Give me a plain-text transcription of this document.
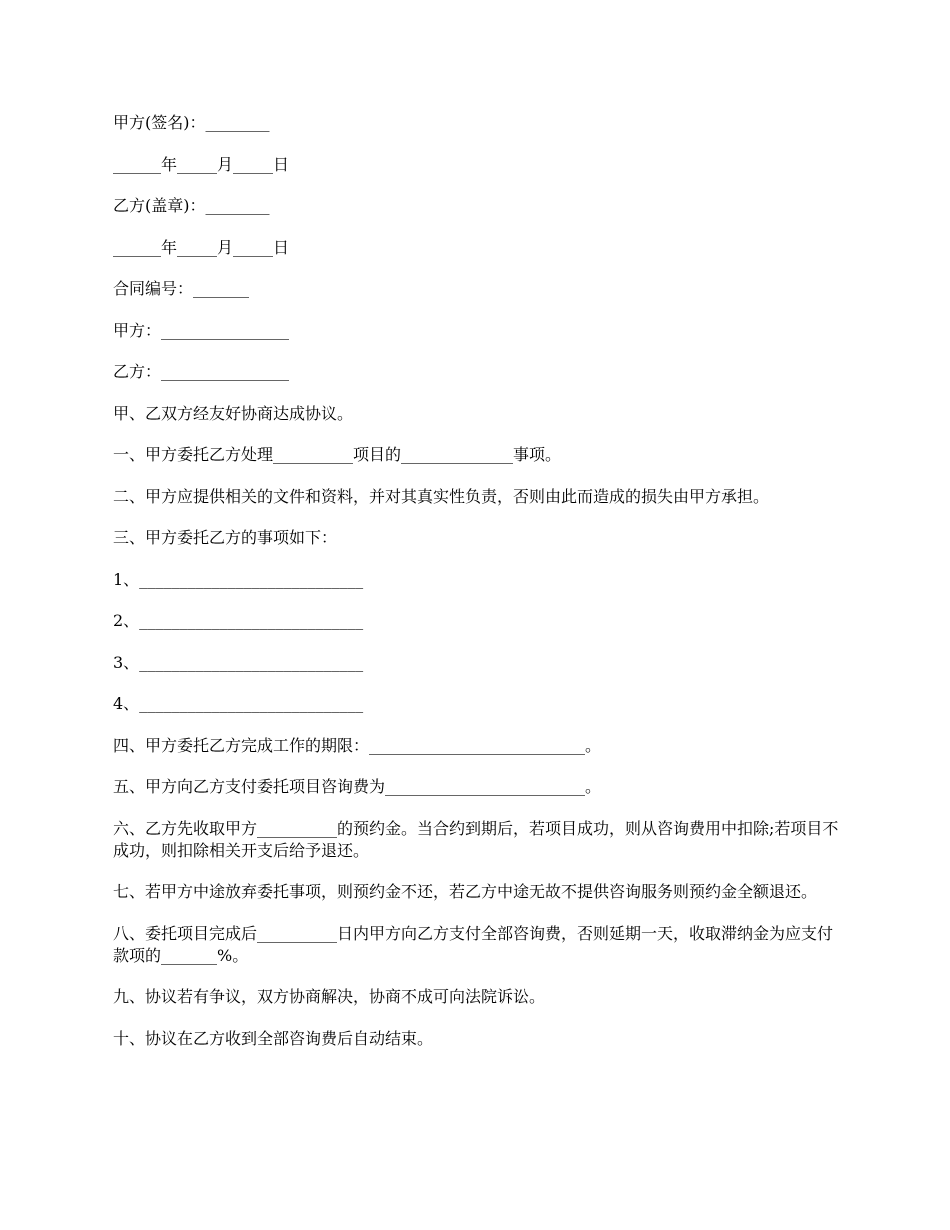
甲方(签名)：________

______年_____月_____日

乙方(盖章)：________

______年_____月_____日

合同编号：_______

甲方：________________

乙方：________________

甲、乙双方经友好协商达成协议。

一、甲方委托乙方处理__________项目的______________事项。

二、甲方应提供相关的文件和资料，并对其真实性负责，否则由此而造成的损失由甲方承担。

三、甲方委托乙方的事项如下：

1、____________________________

2、____________________________

3、____________________________

4、____________________________

四、甲方委托乙方完成工作的期限：___________________________。

五、甲方向乙方支付委托项目咨询费为_________________________。

六、乙方先收取甲方__________的预约金。当合约到期后，若项目成功，则从咨询费用中扣除;若项目不成功，则扣除相关开支后给予退还。

七、若甲方中途放弃委托事项，则预约金不还，若乙方中途无故不提供咨询服务则预约金全额退还。

八、委托项目完成后__________日内甲方向乙方支付全部咨询费，否则延期一天，收取滞纳金为应支付款项的_______%。

九、协议若有争议，双方协商解决，协商不成可向法院诉讼。

十、协议在乙方收到全部咨询费后自动结束。
